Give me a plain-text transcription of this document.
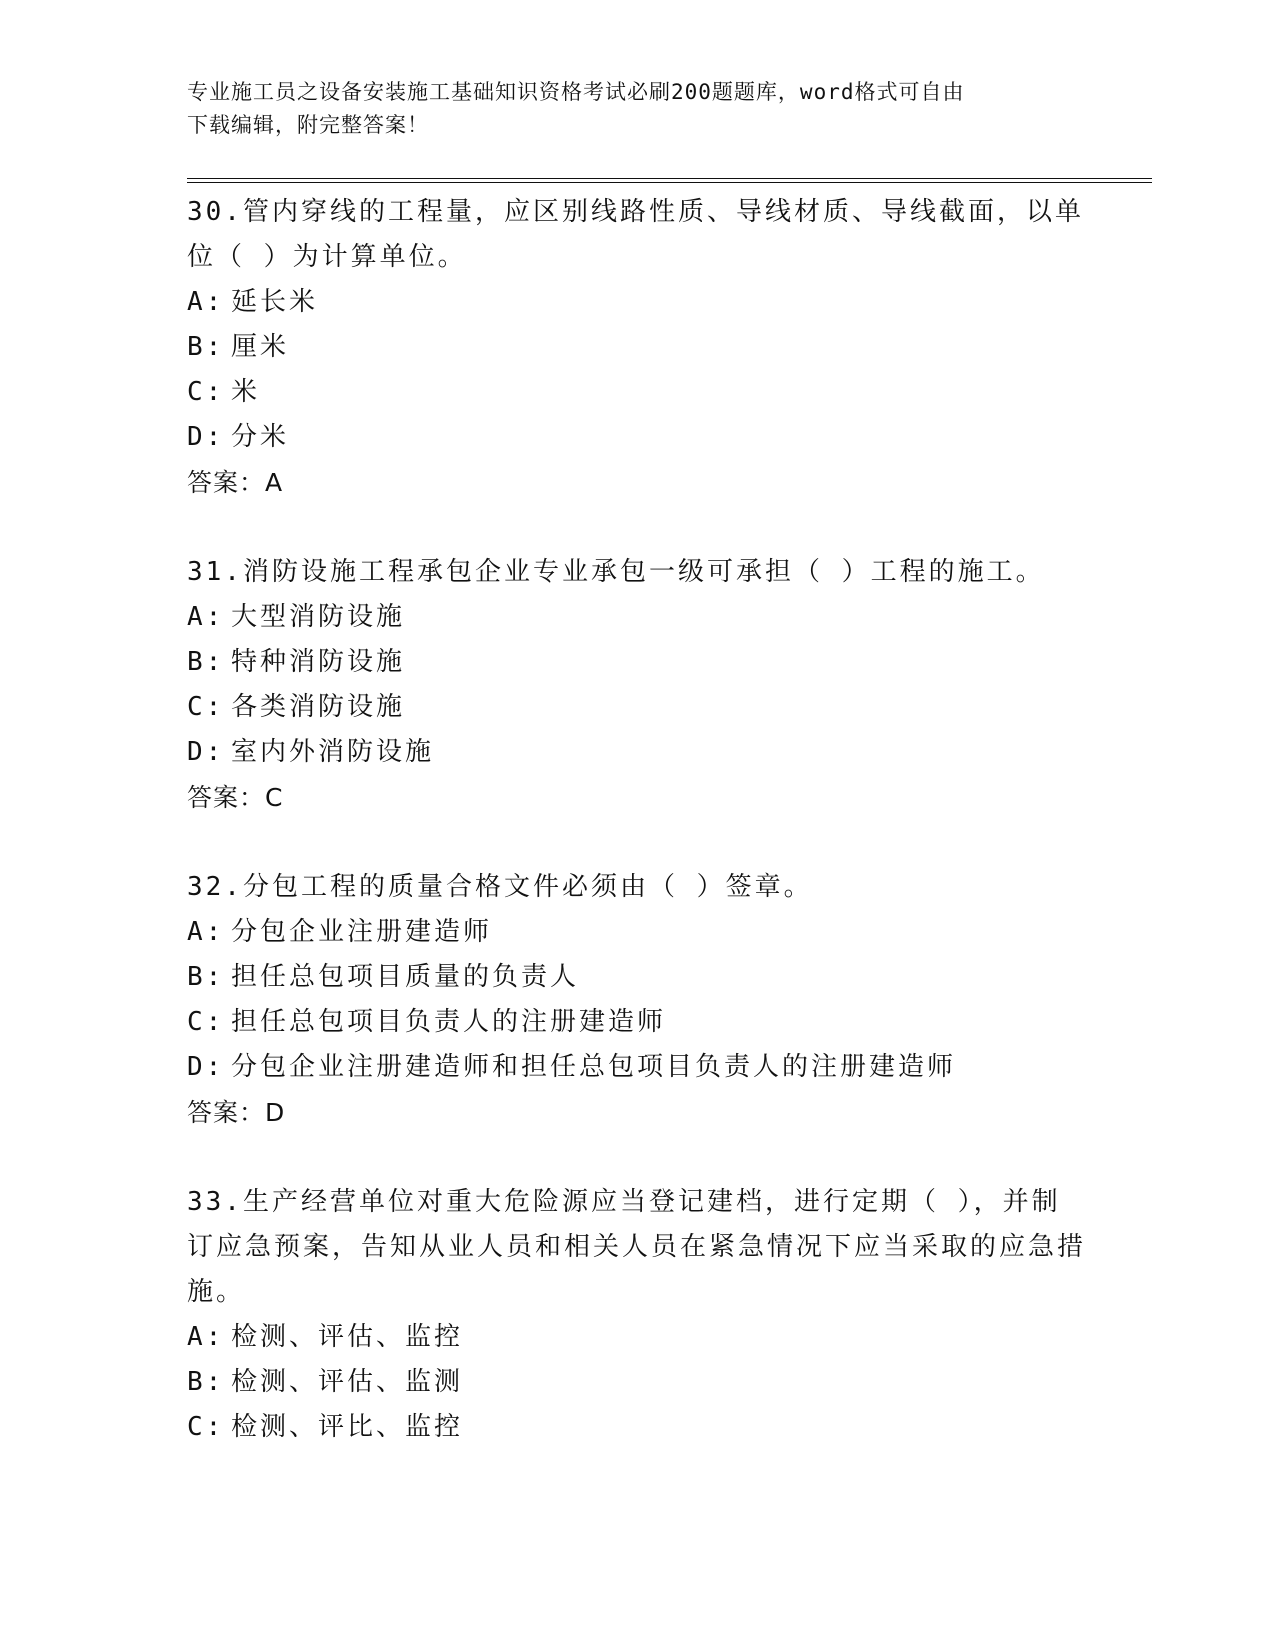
专业施工员之设备安装施工基础知识资格考试必刷200题题库，word格式可自由
下载编辑，附完整答案！
30.管内穿线的工程量，应区别线路性质、导线材质、导线截面，以单位（ ）为计算单位。
A: 延长米
B: 厘米
C: 米
D: 分米
答案：A
31.消防设施工程承包企业专业承包一级可承担（ ）工程的施工。
A: 大型消防设施
B: 特种消防设施
C: 各类消防设施
D: 室内外消防设施
答案：C
32.分包工程的质量合格文件必须由（ ）签章。
A: 分包企业注册建造师
B: 担任总包项目质量的负责人
C: 担任总包项目负责人的注册建造师
D: 分包企业注册建造师和担任总包项目负责人的注册建造师
答案：D
33.生产经营单位对重大危险源应当登记建档，进行定期（ ），并制订应急预案，告知从业人员和相关人员在紧急情况下应当采取的应急措施。
A: 检测、评估、监控
B: 检测、评估、监测
C: 检测、评比、监控
